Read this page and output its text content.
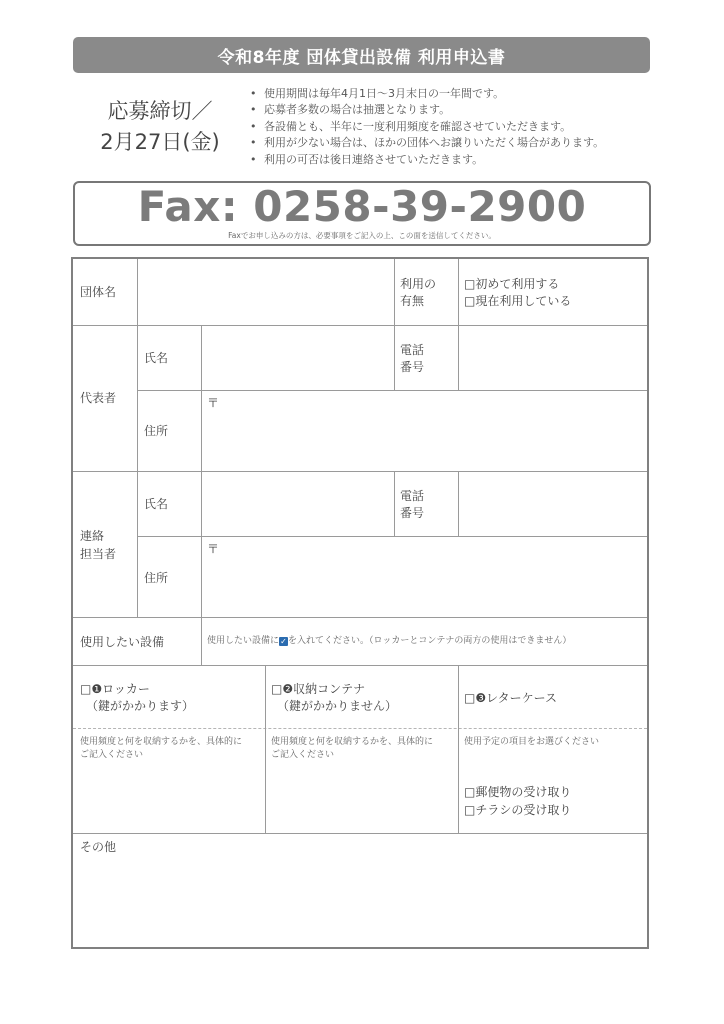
令和8年度 団体貸出設備 利用申込書
応募締切／
2月27日(金)
• 使用期間は毎年4月1日～3月末日の一年間です。
• 応募者多数の場合は抽選となります。
• 各設備とも、半年に一度利用頻度を確認させていただきます。
• 利用が少ない場合は、ほかの団体へお譲りいただく場合があります。
• 利用の可否は後日連絡させていただきます。
Fax: 0258-39-2900
Faxでお申し込みの方は、必要事項をご記入の上、この面を送信してください。
団体名
利用の
有無
□初めて利用する
□現在利用している
代表者
氏名
電話
番号
〒
住所
連絡
担当者
氏名
電話
番号
〒
住所
使用したい設備	使用したい設備に✓を入れてください。（ロッカーとコンテナの両方の使用はできません）
□❶ロッカー
（鍵がかかります）
□❷収納コンテナ
（鍵がかかりません）
□❸レターケース
使用頻度と何を収納するかを、具体的に
ご記入ください
使用頻度と何を収納するかを、具体的に
ご記入ください
使用予定の項目をお選びください
□郵便物の受け取り
□チラシの受け取り
その他
